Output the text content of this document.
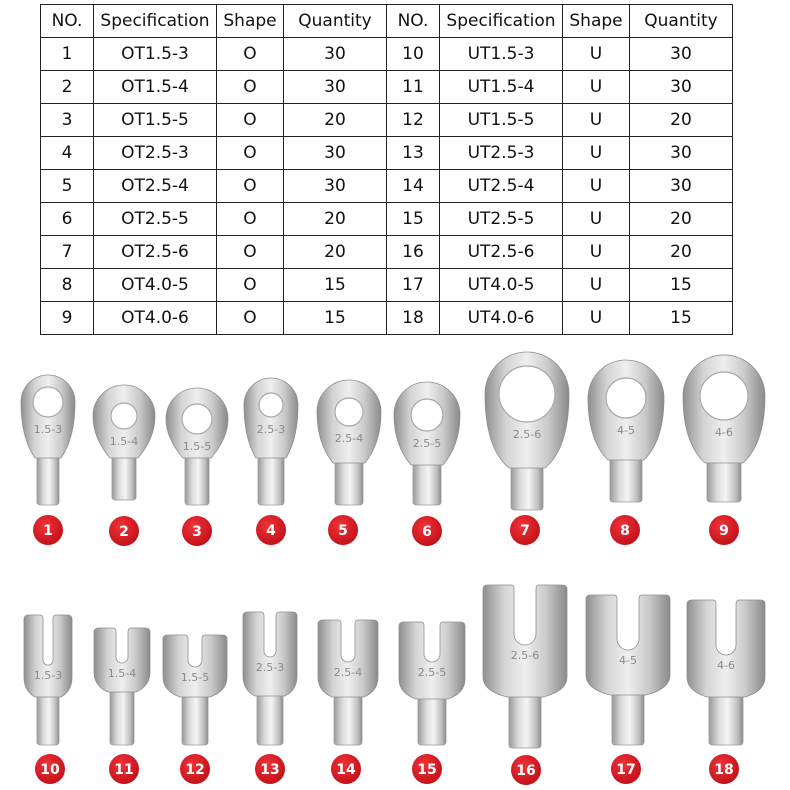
NO.	Specification	Shape	Quantity	NO.	Specification	Shape	Quantity
1	OT1.5-3	O	30	10	UT1.5-3	U	30
2	OT1.5-4	O	30	11	UT1.5-4	U	30
3	OT1.5-5	O	20	12	UT1.5-5	U	20
4	OT2.5-3	O	30	13	UT2.5-3	U	30
5	OT2.5-4	O	30	14	UT2.5-4	U	30
6	OT2.5-5	O	20	15	UT2.5-5	U	20
7	OT2.5-6	O	20	16	UT2.5-6	U	20
8	OT4.0-5	O	15	17	UT4.0-5	U	15
9	OT4.0-6	O	15	18	UT4.0-6	U	15
1.5-3
1
1.5-4
2
1.5-5
3
2.5-3
4
2.5-4
5
2.5-5
6
2.5-6
7
4-5
8
4-6
9
1.5-3
10
1.5-4
11
1.5-5
12
2.5-3
13
2.5-4
14
2.5-5
15
2.5-6
16
4-5
17
4-6
18
